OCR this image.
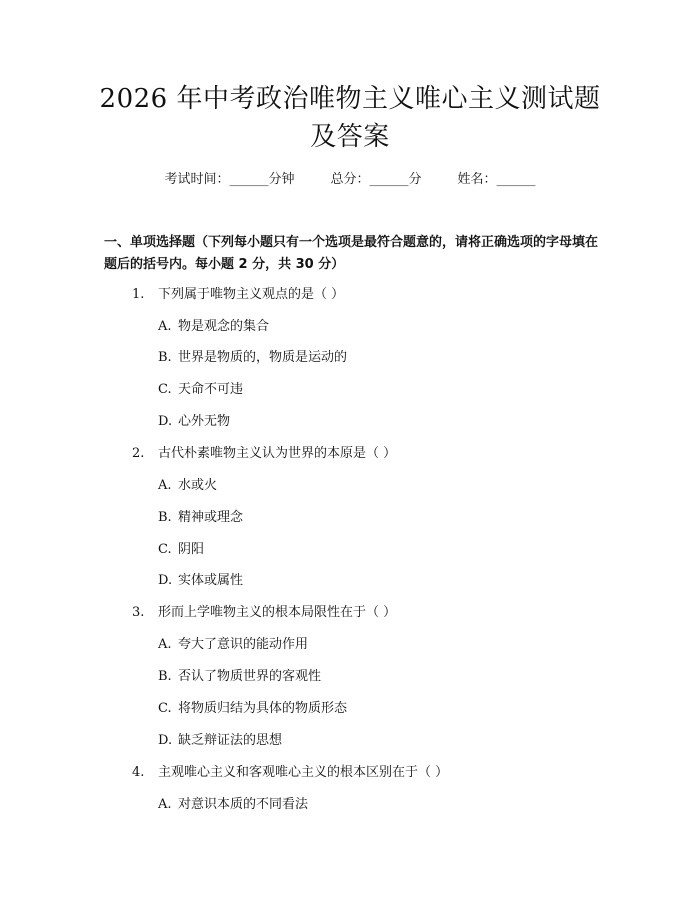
2026 年中考政治唯物主义唯心主义测试题及答案
考试时间：______分钟	总分：______分	姓名：______
一、单项选择题（下列每小题只有一个选项是最符合题意的，请将正确选项的字母填在题后的括号内。每小题 2 分，共 30 分）
1. 下列属于唯物主义观点的是（ ）
A. 物是观念的集合
B. 世界是物质的，物质是运动的
C. 天命不可违
D. 心外无物
2. 古代朴素唯物主义认为世界的本原是（ ）
A. 水或火
B. 精神或理念
C. 阴阳
D. 实体或属性
3. 形而上学唯物主义的根本局限性在于（ ）
A. 夸大了意识的能动作用
B. 否认了物质世界的客观性
C. 将物质归结为具体的物质形态
D. 缺乏辩证法的思想
4. 主观唯心主义和客观唯心主义的根本区别在于（ ）
A. 对意识本质的不同看法
